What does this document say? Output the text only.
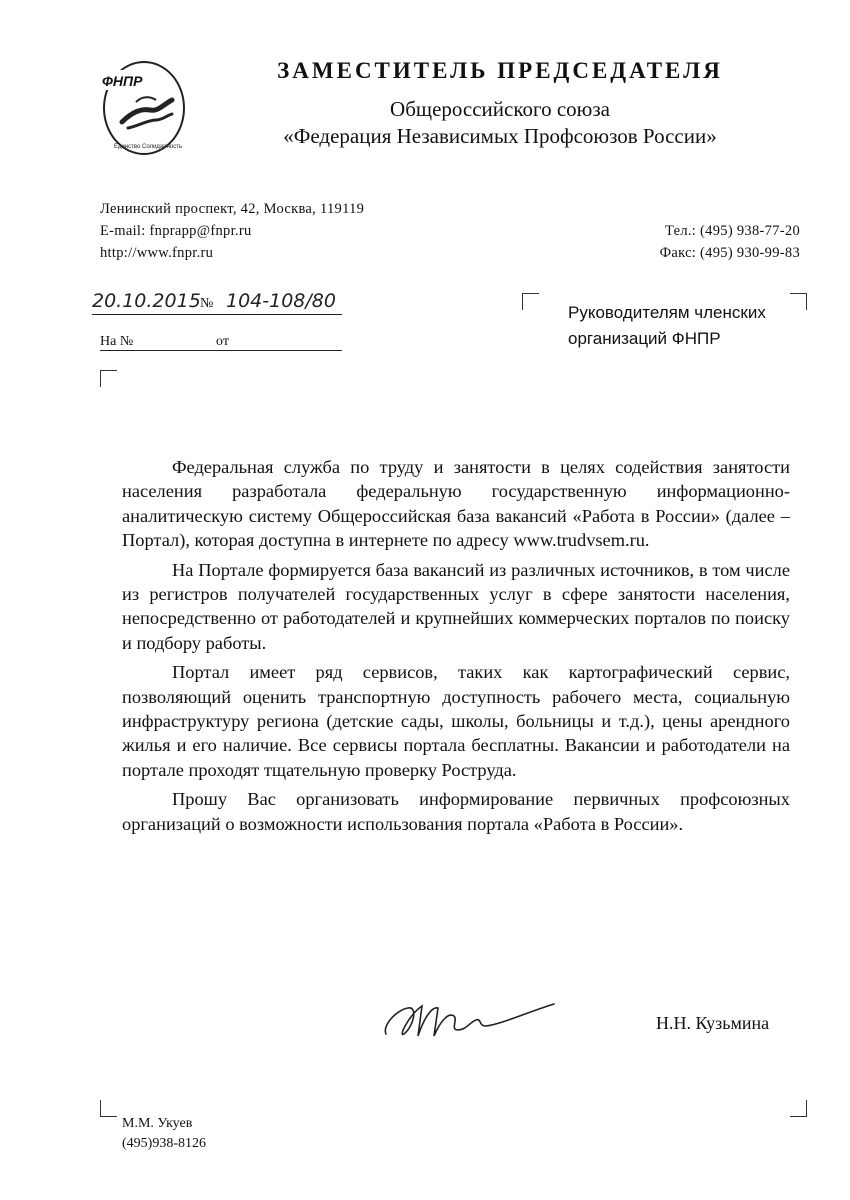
ФНПР
Единство Солидарность
ЗАМЕСТИТЕЛЬ ПРЕДСЕДАТЕЛЯ
Общероссийского союза
«Федерация Независимых Профсоюзов России»
Ленинский проспект, 42, Москва, 119119
E-mail: fnprapp@fnpr.ru
http://www.fnpr.ru
Тел.: (495) 938-77-20
Факс: (495) 930-99-83
20.10.2015 № 104-108/80
На №	от
Руководителям членских
организаций ФНПР

Федеральная служба по труду и занятости в целях содействия занятости населения разработала федеральную государственную информационно-аналитическую систему Общероссийская база вакансий «Работа в России» (далее – Портал), которая доступна в интернете по адресу www.trudvsem.ru.

На Портале формируется база вакансий из различных источников, в том числе из регистров получателей государственных услуг в сфере занятости населения, непосредственно от работодателей и крупнейших коммерческих порталов по поиску и подбору работы.

Портал имеет ряд сервисов, таких как картографический сервис, позволяющий оценить транспортную доступность рабочего места, социальную инфраструктуру региона (детские сады, школы, больницы и т.д.), цены арендного жилья и его наличие. Все сервисы портала бесплатны. Вакансии и работодатели на портале проходят тщательную проверку Роструда.

Прошу Вас организовать информирование первичных профсоюзных организаций о возможности использования портала «Работа в России».

Н.Н. Кузьмина
М.М. Укуев
(495)938-8126
